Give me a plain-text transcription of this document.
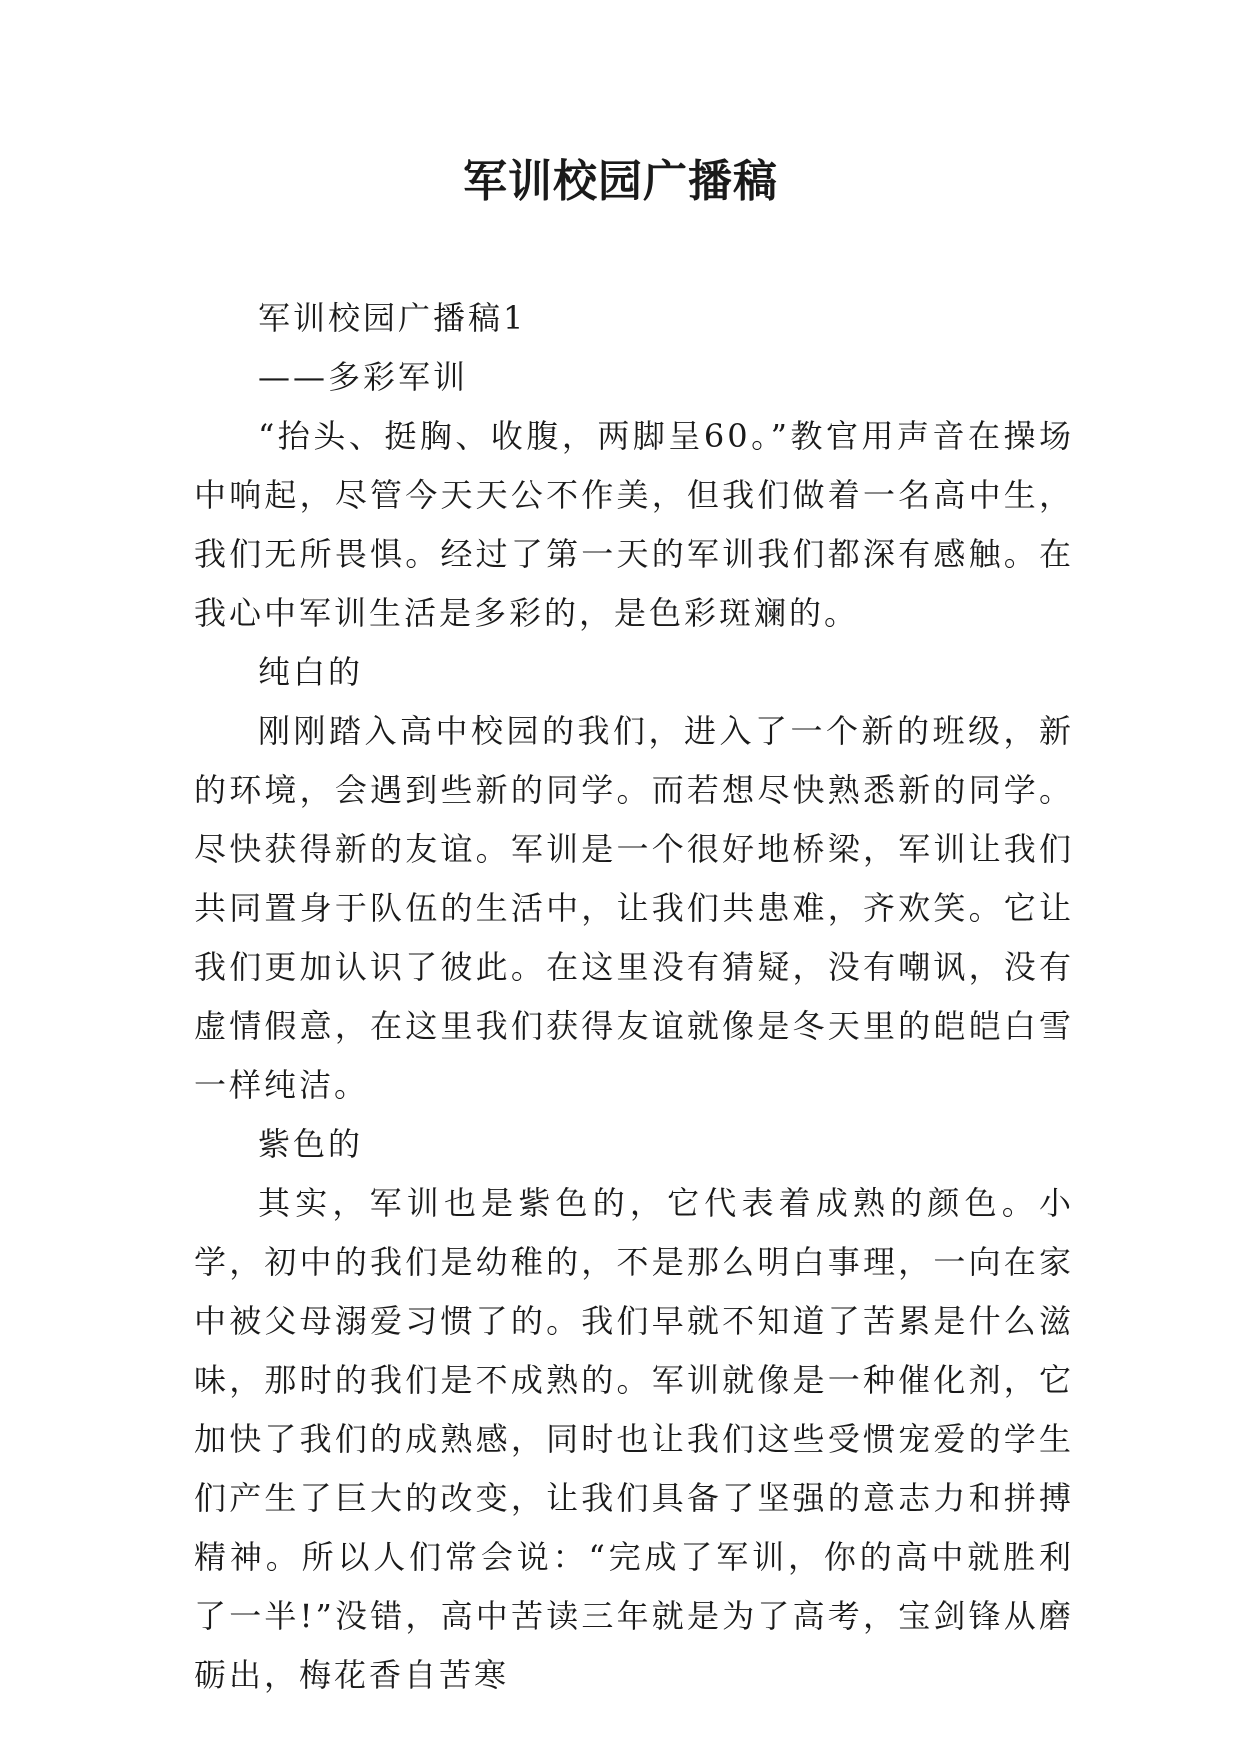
军训校园广播稿

军训校园广播稿1

——多彩军训

“抬头、挺胸、收腹，两脚呈60。”教官用声音在操场中响起，尽管今天天公不作美，但我们做着一名高中生，我们无所畏惧。经过了第一天的军训我们都深有感触。在我心中军训生活是多彩的，是色彩斑斓的。

纯白的

刚刚踏入高中校园的我们，进入了一个新的班级，新的环境，会遇到些新的同学。而若想尽快熟悉新的同学。尽快获得新的友谊。军训是一个很好地桥梁，军训让我们共同置身于队伍的生活中，让我们共患难，齐欢笑。它让我们更加认识了彼此。在这里没有猜疑，没有嘲讽，没有虚情假意，在这里我们获得友谊就像是冬天里的皑皑白雪一样纯洁。

紫色的

其实，军训也是紫色的，它代表着成熟的颜色。小学，初中的我们是幼稚的，不是那么明白事理，一向在家中被父母溺爱习惯了的。我们早就不知道了苦累是什么滋味，那时的我们是不成熟的。军训就像是一种催化剂，它加快了我们的成熟感，同时也让我们这些受惯宠爱的学生们产生了巨大的改变，让我们具备了坚强的意志力和拼搏精神。所以人们常会说：“完成了军训，你的高中就胜利了一半!”没错，高中苦读三年就是为了高考，宝剑锋从磨砺出，梅花香自苦寒
